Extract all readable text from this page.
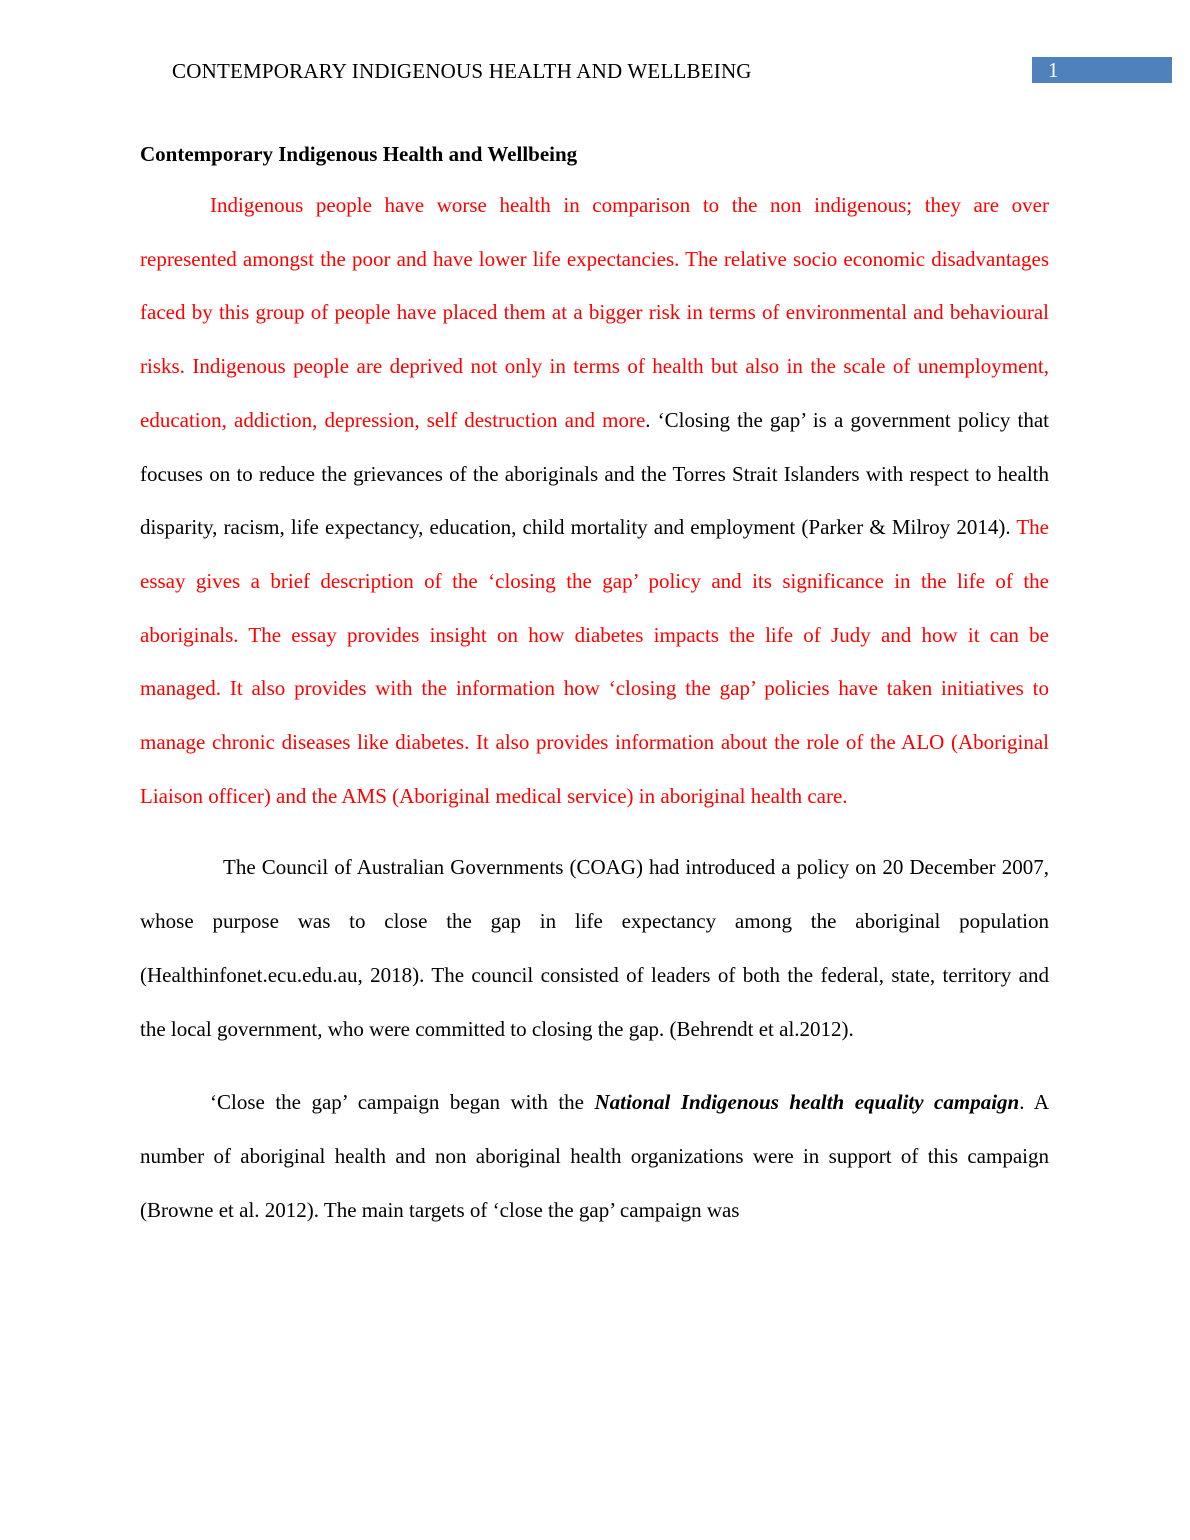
CONTEMPORARY INDIGENOUS HEALTH AND WELLBEING	1
Contemporary Indigenous Health and Wellbeing

Indigenous people have worse health in comparison to the non indigenous; they are over represented amongst the poor and have lower life expectancies. The relative socio economic disadvantages faced by this group of people have placed them at a bigger risk in terms of environmental and behavioural risks. Indigenous people are deprived not only in terms of health but also in the scale of unemployment, education, addiction, depression, self destruction and more. ‘Closing the gap’ is a government policy that focuses on to reduce the grievances of the aboriginals and the Torres Strait Islanders with respect to health disparity, racism, life expectancy, education, child mortality and employment (Parker & Milroy 2014). The essay gives a brief description of the ‘closing the gap’ policy and its significance in the life of the aboriginals. The essay provides insight on how diabetes impacts the life of Judy and how it can be managed. It also provides with the information how ‘closing the gap’ policies have taken initiatives to manage chronic diseases like diabetes. It also provides information about the role of the ALO (Aboriginal Liaison officer) and the AMS (Aboriginal medical service) in aboriginal health care.

The Council of Australian Governments (COAG) had introduced a policy on 20 December 2007, whose purpose was to close the gap in life expectancy among the aboriginal population (Healthinfonet.ecu.edu.au, 2018). The council consisted of leaders of both the federal, state, territory and the local government, who were committed to closing the gap. (Behrendt et al.2012).

‘Close the gap’ campaign began with the National Indigenous health equality campaign. A number of aboriginal health and non aboriginal health organizations were in support of this campaign (Browne et al. 2012). The main targets of ‘close the gap’ campaign was
